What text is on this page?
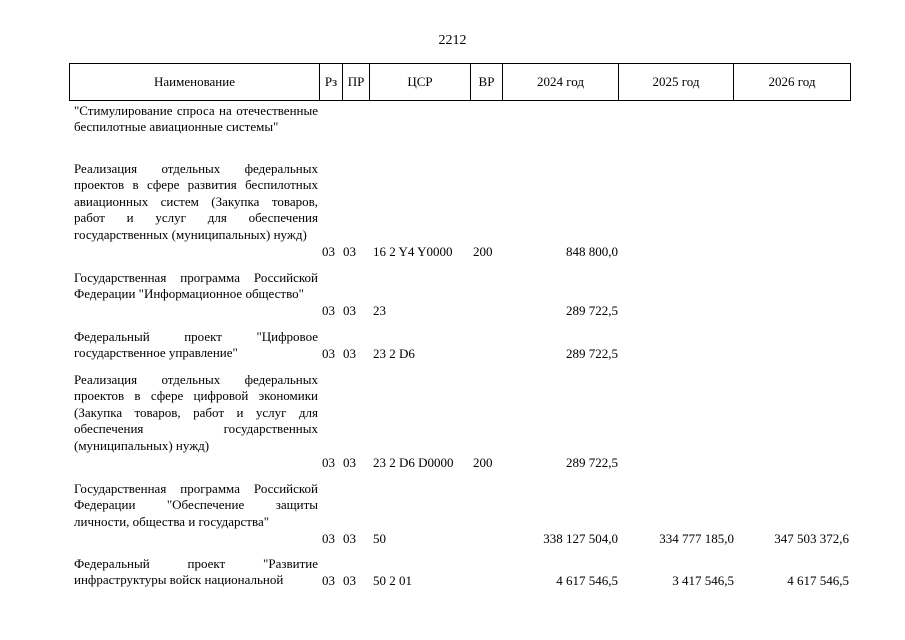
2212
Наименование	Рз ПР	ЦСР	ВР	2024 год	2025 год	2026 год
"Стимулирование спроса на отечественные беспилотные авиационные системы"
Реализация отдельных федеральных проектов в сфере развития беспилотных авиационных систем (Закупка товаров, работ и услуг для обеспечения государственных (муниципальных) нужд)
03 03	16 2 Y4 Y0000	200	848 800,0
Государственная программа Российской Федерации "Информационное общество"
03 03	23	289 722,5
Федеральный проект "Цифровое государственное управление"	03 03	23 2 D6	289 722,5
Реализация отдельных федеральных проектов в сфере цифровой экономики (Закупка товаров, работ и услуг для обеспечения государственных (муниципальных) нужд)
03 03	23 2 D6 D0000	200	289 722,5
Государственная программа Российской Федерации "Обеспечение защиты личности, общества и государства"
03 03	50	338 127 504,0	334 777 185,0	347 503 372,6
Федеральный проект "Развитие инфраструктуры войск национальной	03 03	50 2 01	4 617 546,5	3 417 546,5	4 617 546,5
